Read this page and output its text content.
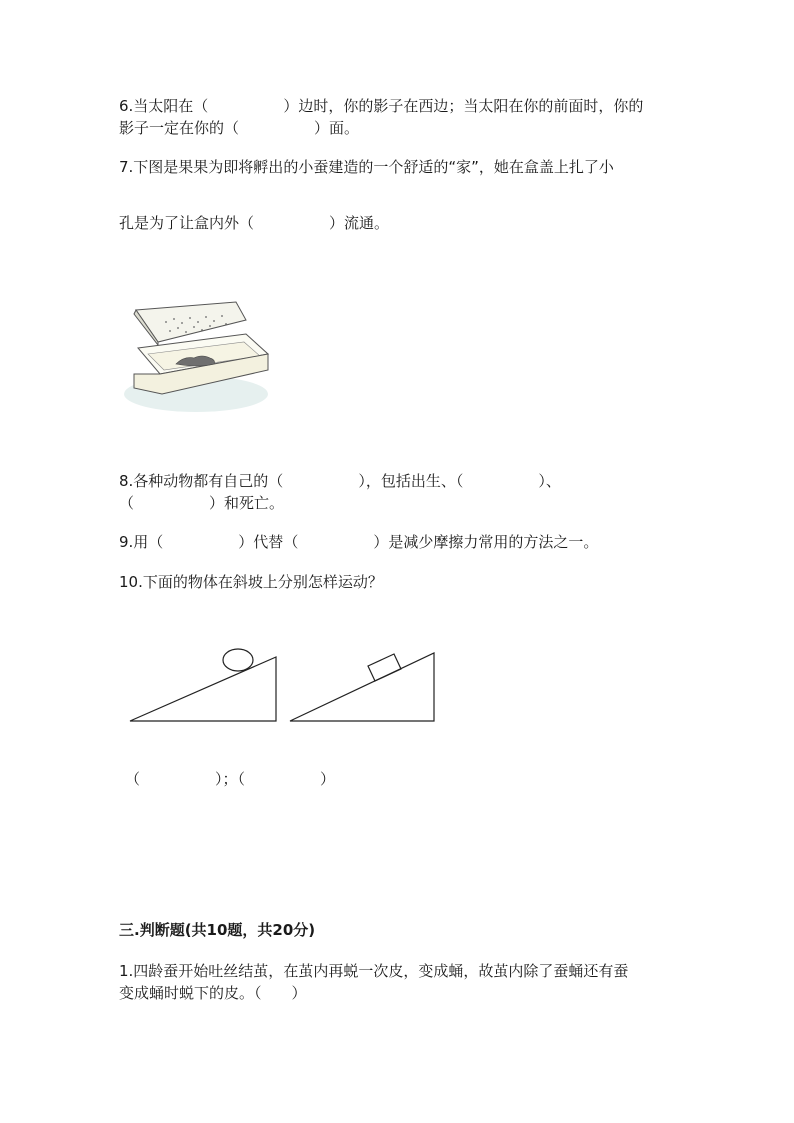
6.当太阳在（　　　　　）边时，你的影子在西边；当太阳在你的前面时，你的
影子一定在你的（　　　　　）面。
7.下图是果果为即将孵出的小蚕建造的一个舒适的“家”，她在盒盖上扎了小
孔是为了让盒内外（　　　　　）流通。
8.各种动物都有自己的（　　　　　），包括出生、（　　　　　）、
（　　　　　）和死亡。
9.用（　　　　　）代替（　　　　　）是减少摩擦力常用的方法之一。
10.下面的物体在斜坡上分别怎样运动？
（　　　　　）；（　　　　　）
三.判断题(共10题，共20分)
1.四龄蚕开始吐丝结茧，在茧内再蜕一次皮，变成蛹，故茧内除了蚕蛹还有蚕
变成蛹时蜕下的皮。（　　）
